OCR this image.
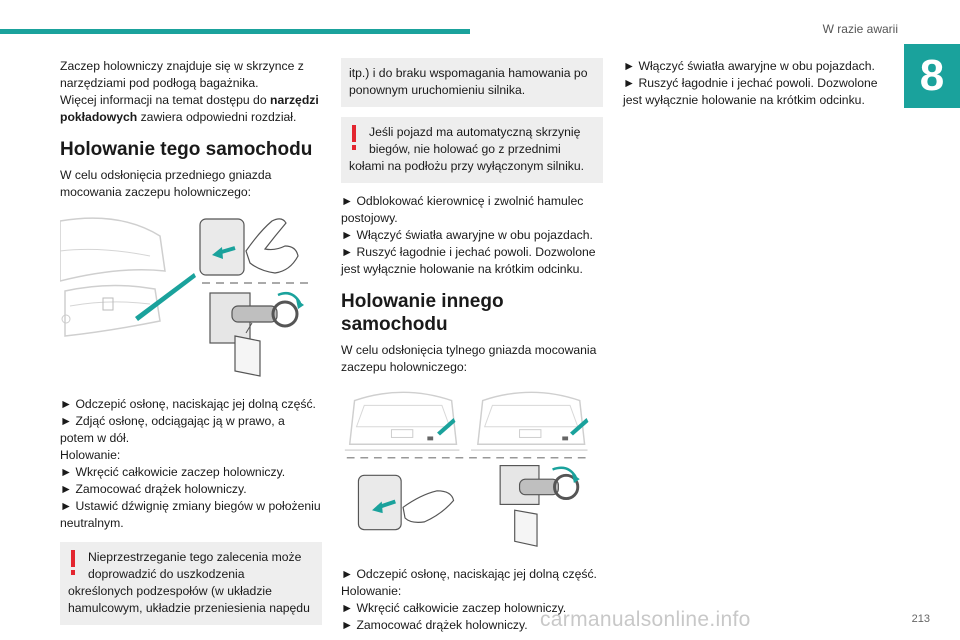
W razie awarii
8

Zaczep holowniczy znajduje się w skrzynce z narzędziami pod podłogą bagażnika.

Więcej informacji na temat dostępu do narzędzi pokładowych zawiera odpowiedni rozdział.

Holowanie tego samochodu

W celu odsłonięcia przedniego gniazda mocowania zaczepu holowniczego:

► Odczepić osłonę, naciskając jej dolną część.
► Zdjąć osłonę, odciągając ją w prawo, a potem w dół.
Holowanie:
► Wkręcić całkowicie zaczep holowniczy.
► Zamocować drążek holowniczy.
► Ustawić dźwignię zmiany biegów w położeniu neutralnym.
Nieprzestrzeganie tego zalecenia może doprowadzić do uszkodzenia
określonych podzespołów (w układzie hamulcowym, układzie przeniesienia napędu
itp.) i do braku wspomagania hamowania po ponownym uruchomieniu silnika.
Jeśli pojazd ma automatyczną skrzynię biegów, nie holować go z przednimi
kołami na podłożu przy wyłączonym silniku.
► Odblokować kierownicę i zwolnić hamulec postojowy.
► Włączyć światła awaryjne w obu pojazdach.
► Ruszyć łagodnie i jechać powoli. Dozwolone jest wyłącznie holowanie na krótkim odcinku.
Holowanie innego samochodu

W celu odsłonięcia tylnego gniazda mocowania zaczepu holowniczego:

► Odczepić osłonę, naciskając jej dolną część.
Holowanie:
► Wkręcić całkowicie zaczep holowniczy.
► Zamocować drążek holowniczy.
► Włączyć światła awaryjne w obu pojazdach.
► Ruszyć łagodnie i jechać powoli. Dozwolone jest wyłącznie holowanie na krótkim odcinku.
carmanualsonline.info	213
